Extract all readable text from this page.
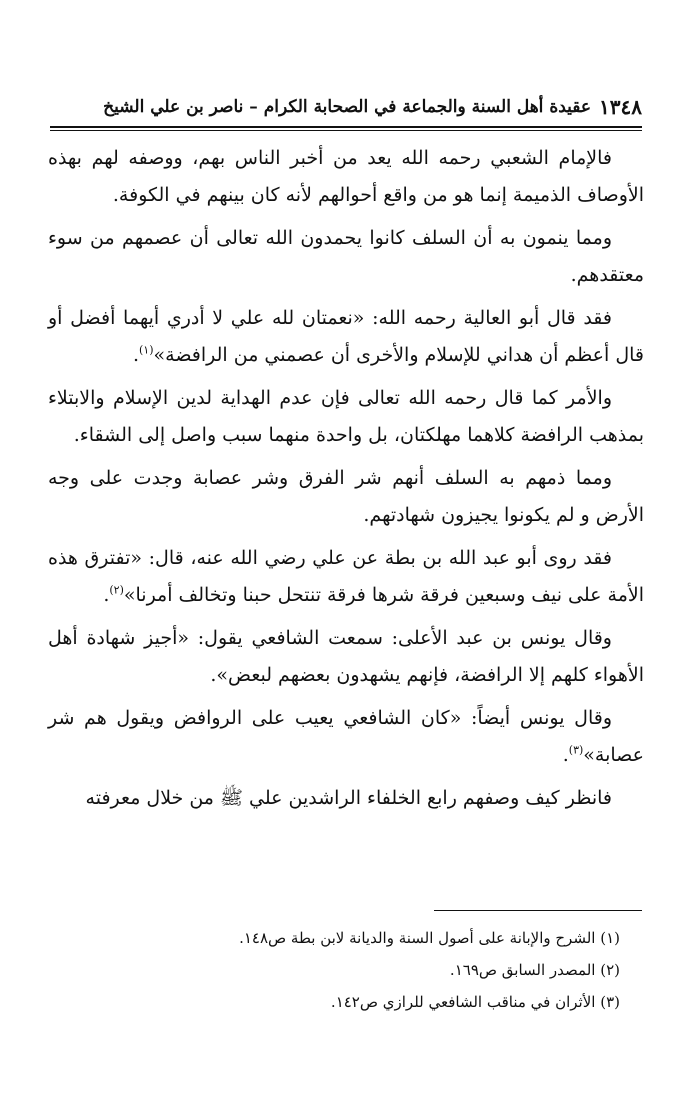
١٣٤٨
عقيدة أهل السنة والجماعة في الصحابة الكرام – ناصر بن علي الشيخ

فالإمام الشعبي رحمه الله يعد من أخبر الناس بهم، ووصفه لهم بهذه الأوصاف الذميمة إنما هو من واقع أحوالهم لأنه كان بينهم في الكوفة.

ومما ينمون به أن السلف كانوا يحمدون الله تعالى أن عصمهم من سوء معتقدهم.

فقد قال أبو العالية رحمه الله: «نعمتان لله علي لا أدري أيهما أفضل أو قال أعظم أن هداني للإسلام والأخرى أن عصمني من الرافضة»$^{(١)}$.

والأمر كما قال رحمه الله تعالى فإن عدم الهداية لدين الإسلام والابتلاء بمذهب الرافضة كلاهما مهلكتان، بل واحدة منهما سبب واصل إلى الشقاء.

ومما ذمهم به السلف أنهم شر الفرق وشر عصابة وجدت على وجه الأرض و لم يكونوا يجيزون شهادتهم.

فقد روى أبو عبد الله بن بطة عن علي رضي الله عنه، قال: «تفترق هذه الأمة على نيف وسبعين فرقة شرها فرقة تنتحل حبنا وتخالف أمرنا»$^{(٢)}$.

وقال يونس بن عبد الأعلى: سمعت الشافعي يقول: «أجيز شهادة أهل الأهواء كلهم إلا الرافضة، فإنهم يشهدون بعضهم لبعض».

وقال يونس أيضاً: «كان الشافعي يعيب على الروافض ويقول هم شر عصابة»$^{(٣)}$.

فانظر كيف وصفهم رابع الخلفاء الراشدين علي ﷺ من خلال معرفته

(١) الشرح والإبانة على أصول السنة والديانة لابن بطة ص١٤٨.

(٢) المصدر السابق ص١٦٩.

(٣) الأثران في مناقب الشافعي للرازي ص١٤٢.
